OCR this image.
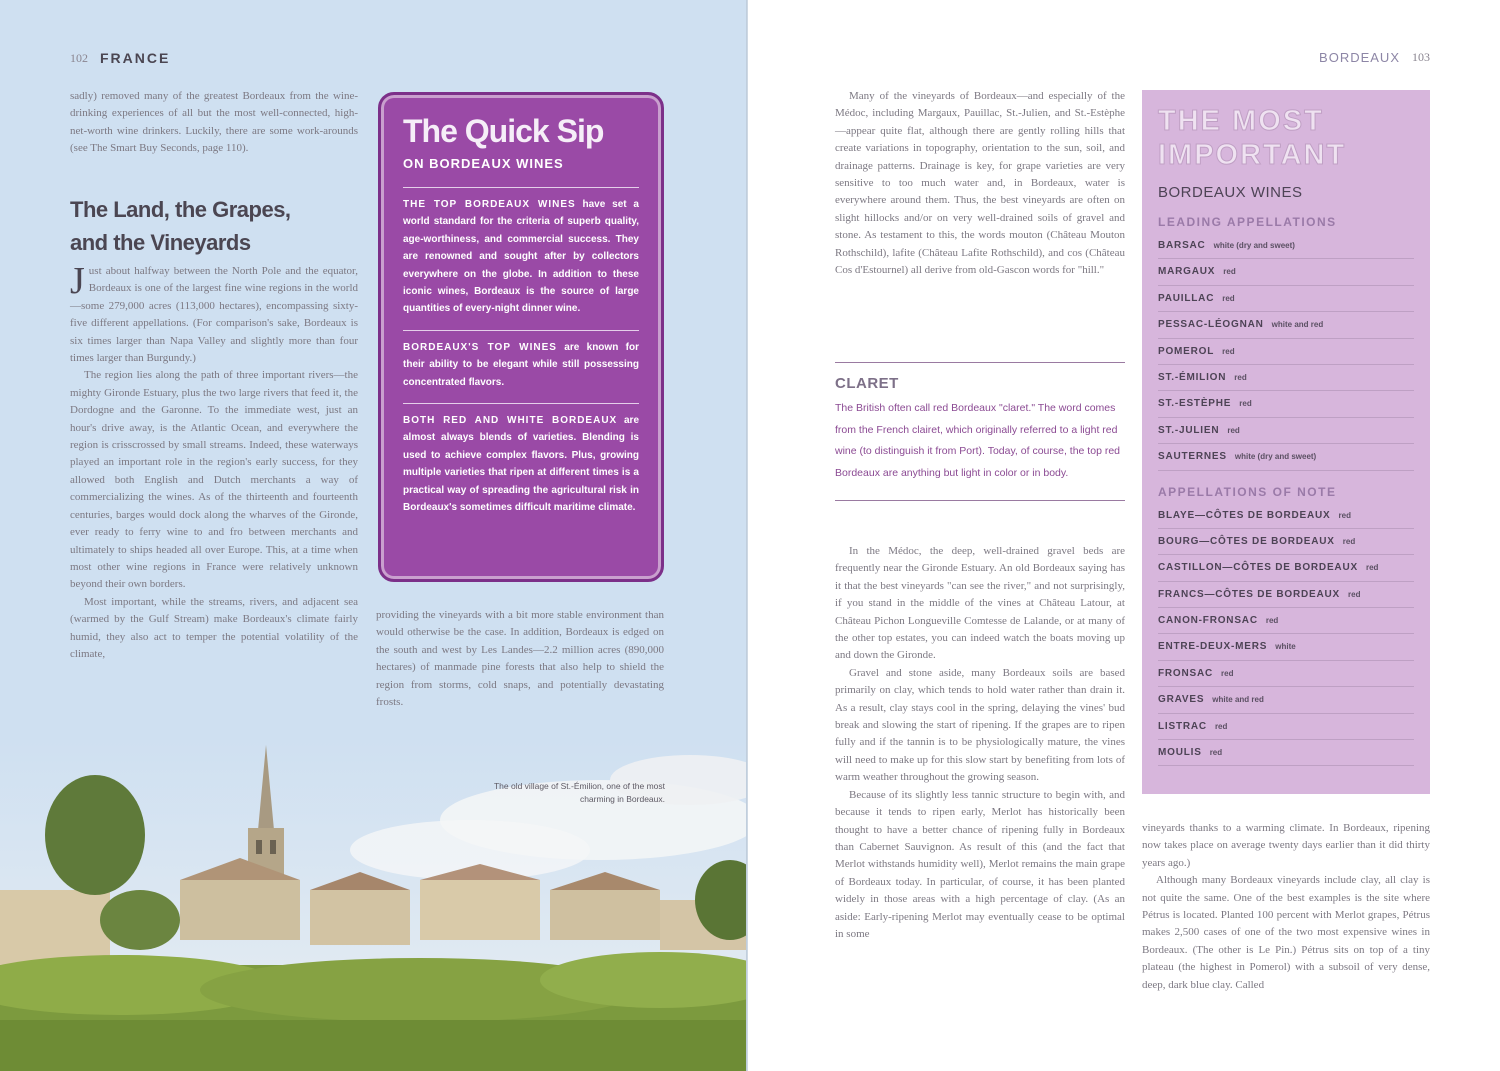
102 FRANCE

sadly) removed many of the greatest Bordeaux from the wine-drinking experiences of all but the most well-connected, high-net-worth wine drinkers. Luckily, there are some work-arounds (see The Smart Buy Seconds, page 110).

The Land, the Grapes,
and the Vineyards

Just about halfway between the North Pole and the equator, Bordeaux is one of the largest fine wine regions in the world—some 279,000 acres (113,000 hectares), encompassing sixty-five different appellations. (For comparison's sake, Bordeaux is six times larger than Napa Valley and slightly more than four times larger than Burgundy.)

The region lies along the path of three important rivers—the mighty Gironde Estuary, plus the two large rivers that feed it, the Dordogne and the Garonne. To the immediate west, just an hour's drive away, is the Atlantic Ocean, and everywhere the region is crisscrossed by small streams. Indeed, these waterways played an important role in the region's early success, for they allowed both English and Dutch merchants a way of commercializing the wines. As of the thirteenth and fourteenth centuries, barges would dock along the wharves of the Gironde, ever ready to ferry wine to and fro between merchants and ultimately to ships headed all over Europe. This, at a time when most other wine regions in France were relatively unknown beyond their own borders.

Most important, while the streams, rivers, and adjacent sea (warmed by the Gulf Stream) make Bordeaux's climate fairly humid, they also act to temper the potential volatility of the climate,

providing the vineyards with a bit more stable environment than would otherwise be the case. In addition, Bordeaux is edged on the south and west by Les Landes—2.2 million acres (890,000 hectares) of manmade pine forests that also help to shield the region from storms, cold snaps, and potentially devastating frosts.

The Quick Sip
ON BORDEAUX WINES
THE TOP BORDEAUX WINES have set a world standard for the criteria of superb quality, age-worthiness, and commercial success. They are renowned and sought after by collectors everywhere on the globe. In addition to these iconic wines, Bordeaux is the source of large quantities of every-night dinner wine.
BORDEAUX'S TOP WINES are known for their ability to be elegant while still possessing concentrated flavors.
BOTH RED AND WHITE BORDEAUX are almost always blends of varieties. Blending is used to achieve complex flavors. Plus, growing multiple varieties that ripen at different times is a practical way of spreading the agricultural risk in Bordeaux's sometimes difficult maritime climate.
The old village of St.-Émilion, one of the most charming in Bordeaux.
BORDEAUX 103

Many of the vineyards of Bordeaux—and especially of the Médoc, including Margaux, Pauillac, St.-Julien, and St.-Estèphe—appear quite flat, although there are gently rolling hills that create variations in topography, orientation to the sun, soil, and drainage patterns. Drainage is key, for grape varieties are very sensitive to too much water and, in Bordeaux, water is everywhere around them. Thus, the best vineyards are often on slight hillocks and/or on very well-drained soils of gravel and stone. As testament to this, the words mouton (Château Mouton Rothschild), lafite (Château Lafite Rothschild), and cos (Château Cos d'Estournel) all derive from old-Gascon words for "hill."

CLARET

The British often call red Bordeaux "claret." The word comes from the French clairet, which originally referred to a light red wine (to distinguish it from Port). Today, of course, the top red Bordeaux are anything but light in color or in body.

In the Médoc, the deep, well-drained gravel beds are frequently near the Gironde Estuary. An old Bordeaux saying has it that the best vineyards "can see the river," and not surprisingly, if you stand in the middle of the vines at Château Latour, at Château Pichon Longueville Comtesse de Lalande, or at many of the other top estates, you can indeed watch the boats moving up and down the Gironde.

Gravel and stone aside, many Bordeaux soils are based primarily on clay, which tends to hold water rather than drain it. As a result, clay stays cool in the spring, delaying the vines' bud break and slowing the start of ripening. If the grapes are to ripen fully and if the tannin is to be physiologically mature, the vines will need to make up for this slow start by benefiting from lots of warm weather throughout the growing season.

Because of its slightly less tannic structure to begin with, and because it tends to ripen early, Merlot has historically been thought to have a better chance of ripening fully in Bordeaux than Cabernet Sauvignon. As result of this (and the fact that Merlot withstands humidity well), Merlot remains the main grape of Bordeaux today. In particular, of course, it has been planted widely in those areas with a high percentage of clay. (As an aside: Early-ripening Merlot may eventually cease to be optimal in some

vineyards thanks to a warming climate. In Bordeaux, ripening now takes place on average twenty days earlier than it did thirty years ago.)

Although many Bordeaux vineyards include clay, all clay is not quite the same. One of the best examples is the site where Pétrus is located. Planted 100 percent with Merlot grapes, Pétrus makes 2,500 cases of one of the two most expensive wines in Bordeaux. (The other is Le Pin.) Pétrus sits on top of a tiny plateau (the highest in Pomerol) with a subsoil of very dense, deep, dark blue clay. Called

THE MOST
IMPORTANT
BORDEAUX WINES
LEADING APPELLATIONS
BARSAC white (dry and sweet)
MARGAUX red
PAUILLAC red
PESSAC-LÉOGNAN white and red
POMEROL red
ST.-ÉMILION red
ST.-ESTÈPHE red
ST.-JULIEN red
SAUTERNES white (dry and sweet)
APPELLATIONS OF NOTE
BLAYE—CÔTES DE BORDEAUX red
BOURG—CÔTES DE BORDEAUX red
CASTILLON—CÔTES DE BORDEAUX red
FRANCS—CÔTES DE BORDEAUX red
CANON-FRONSAC red
ENTRE-DEUX-MERS white
FRONSAC red
GRAVES white and red
LISTRAC red
MOULIS red
